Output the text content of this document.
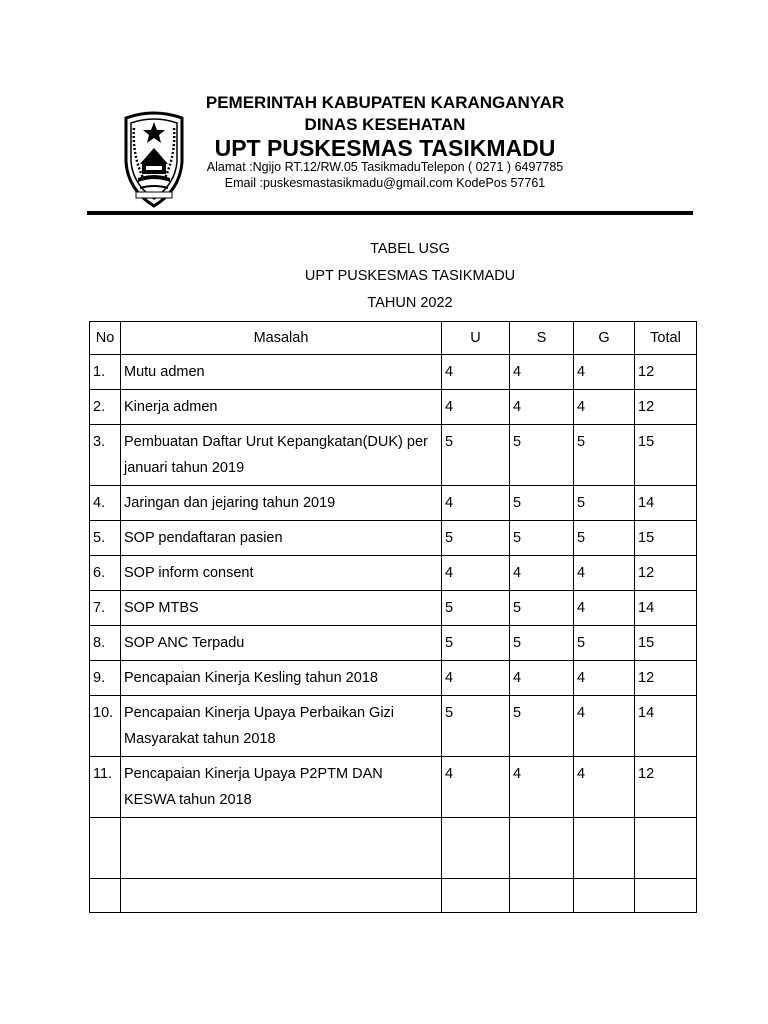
PEMERINTAH KABUPATEN KARANGANYAR
DINAS KESEHATAN
UPT PUSKESMAS TASIKMADU
Alamat :Ngijo RT.12/RW.05 TasikmaduTelepon ( 0271 ) 6497785
Email :puskesmastasikmadu@gmail.com KodePos 57761
TABEL USG
UPT PUSKESMAS TASIKMADU
TAHUN 2022
No	Masalah	U	S	G	Total
1.	Mutu admen	4	4	4	12
2.	Kinerja admen	4	4	4	12
3.	Pembuatan Daftar Urut Kepangkatan(DUK) per januari tahun 2019	5	5	5	15
4.	Jaringan dan jejaring tahun 2019	4	5	5	14
5.	SOP pendaftaran pasien	5	5	5	15
6.	SOP inform consent	4	4	4	12
7.	SOP MTBS	5	5	4	14
8.	SOP ANC Terpadu	5	5	5	15
9.	Pencapaian Kinerja Kesling tahun 2018	4	4	4	12
10.	Pencapaian Kinerja Upaya Perbaikan Gizi Masyarakat tahun 2018	5	5	4	14
11.	Pencapaian Kinerja Upaya P2PTM DAN KESWA tahun 2018	4	4	4	12
